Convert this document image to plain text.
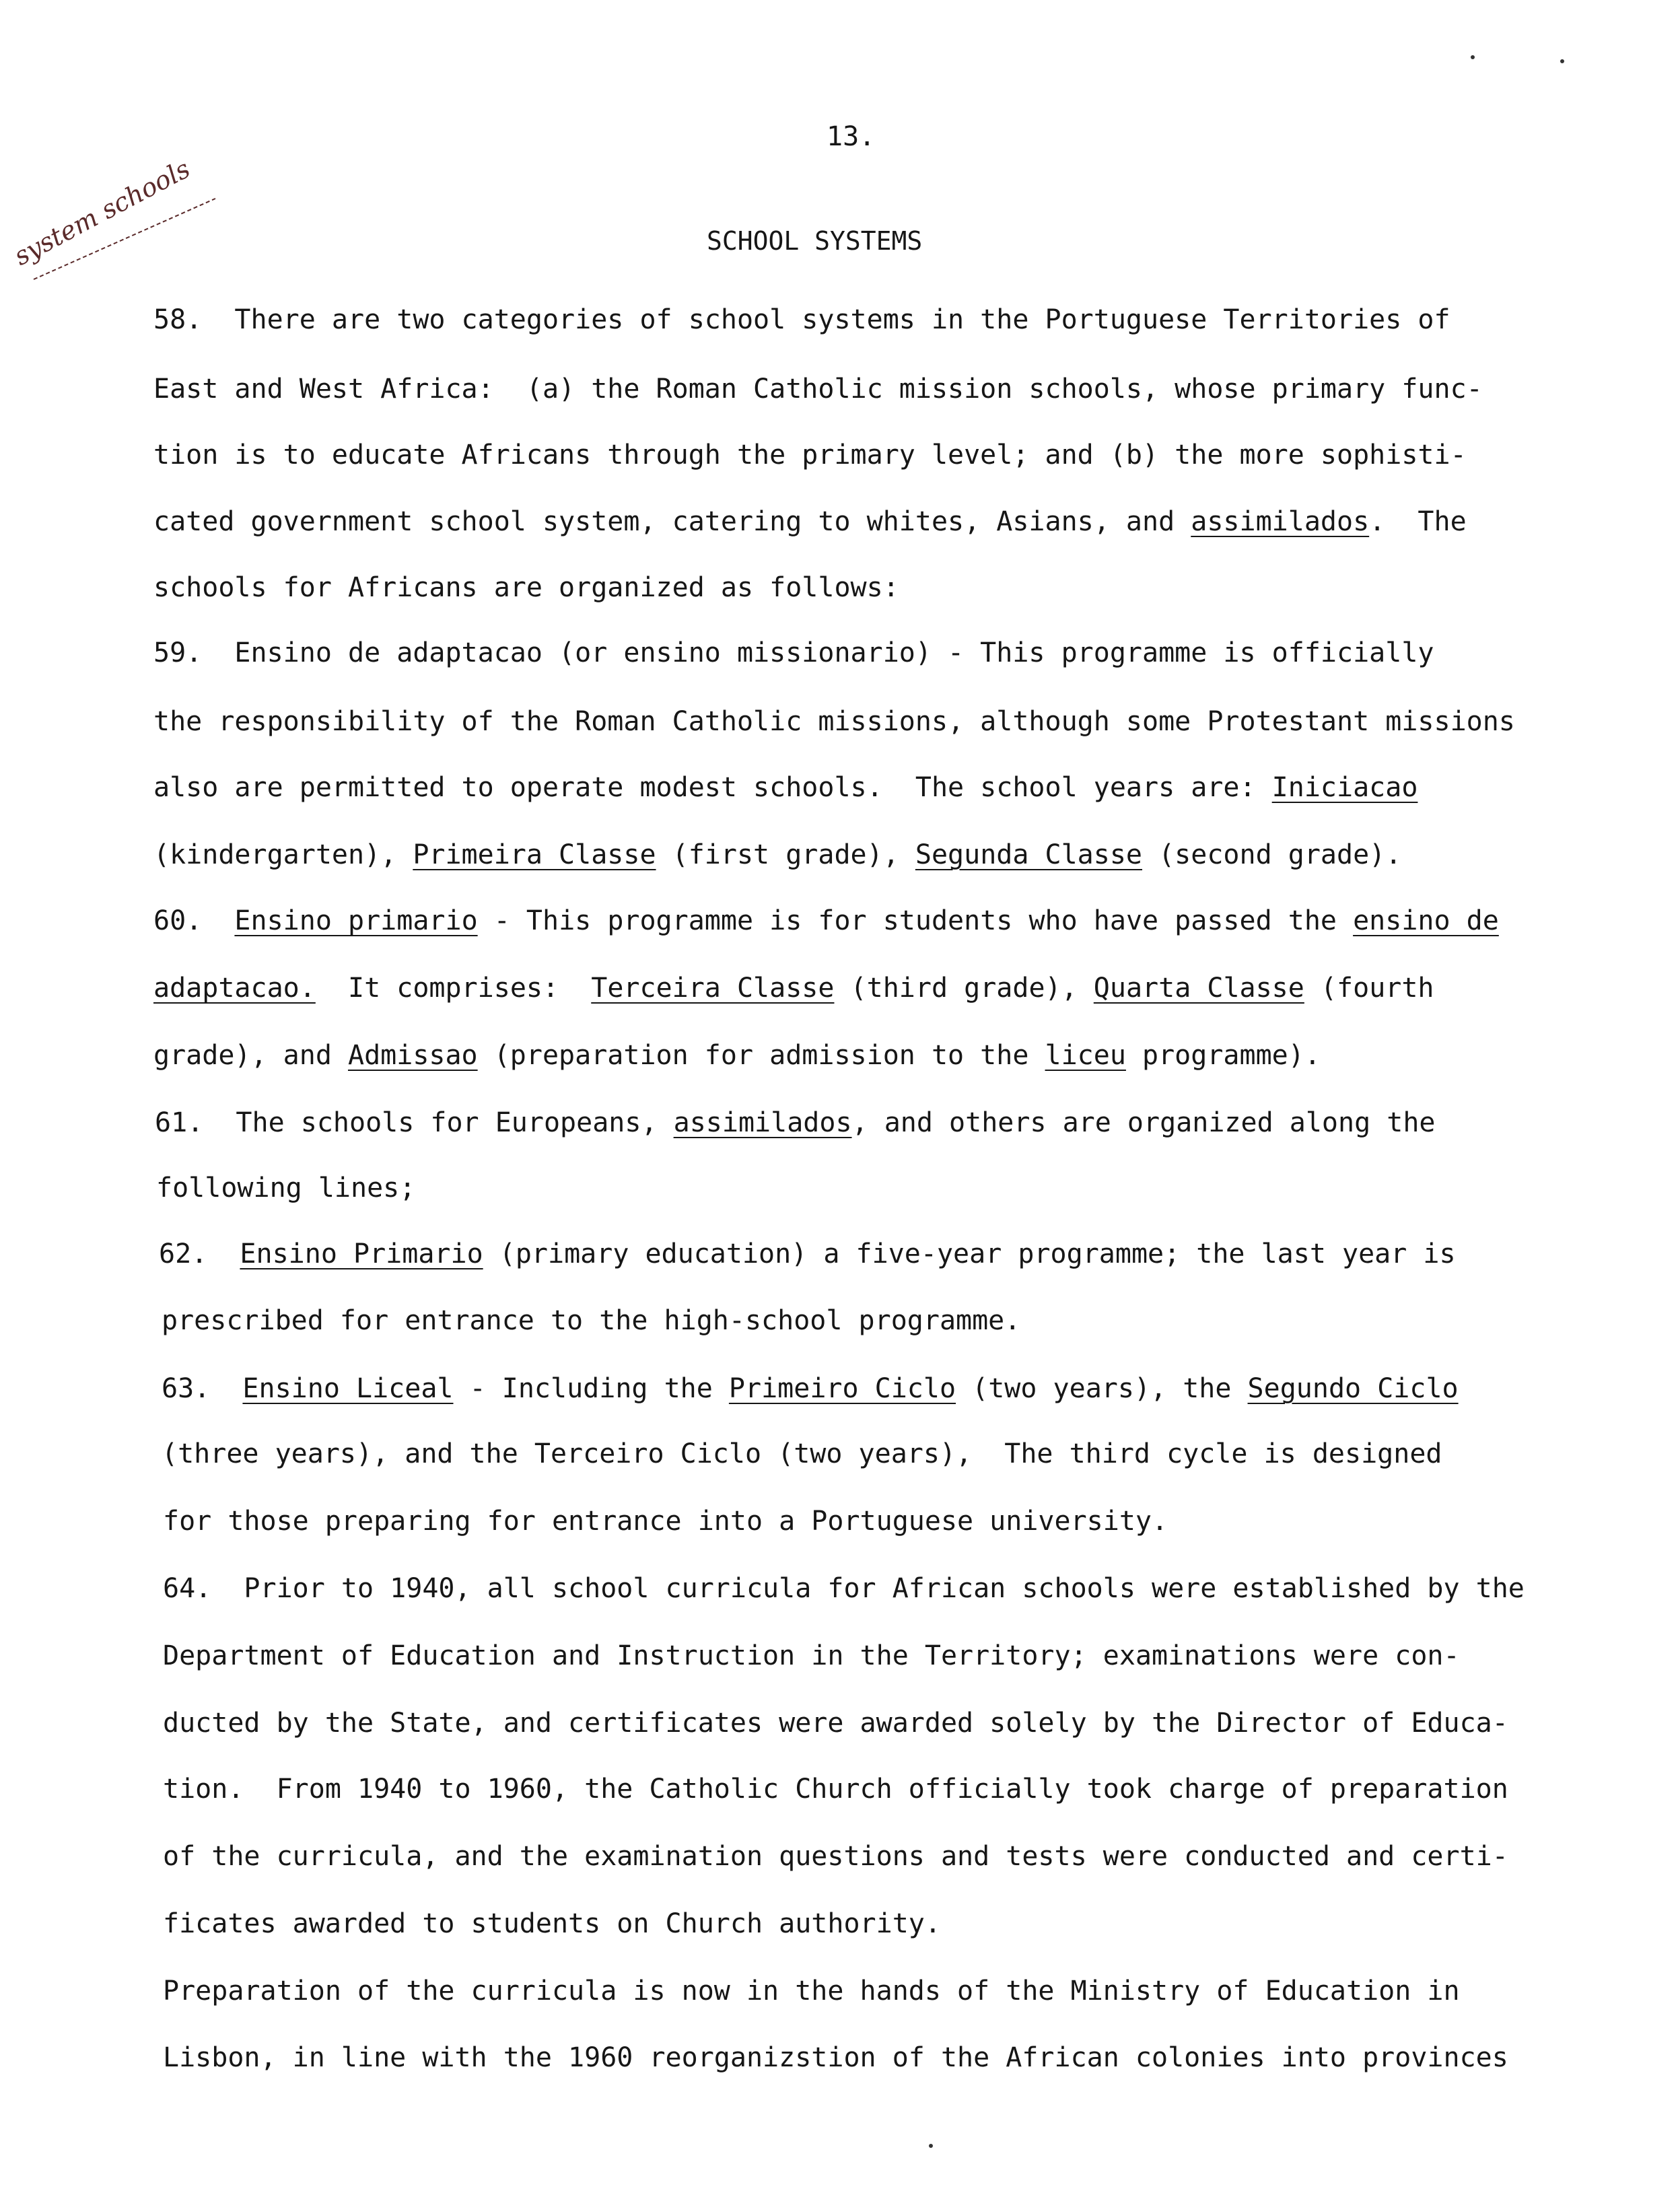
13.
system schools	SCHOOL SYSTEMS
58.  There are two categories of school systems in the Portuguese Territories of
East and West Africa:  (a) the Roman Catholic mission schools, whose primary func-
tion is to educate Africans through the primary level; and (b) the more sophisti-
cated government school system, catering to whites, Asians, and assimilados.  The
schools for Africans are organized as follows:
59.  Ensino de adaptacao (or ensino missionario) - This programme is officially
the responsibility of the Roman Catholic missions, although some Protestant missions
also are permitted to operate modest schools.  The school years are: Iniciacao
(kindergarten), Primeira Classe (first grade), Segunda Classe (second grade).
60.  Ensino primario - This programme is for students who have passed the ensino de
adaptacao.  It comprises:  Terceira Classe (third grade), Quarta Classe (fourth
grade), and Admissao (preparation for admission to the liceu programme).
61.  The schools for Europeans, assimilados, and others are organized along the
following lines;
62.  Ensino Primario (primary education) a five-year programme; the last year is
prescribed for entrance to the high-school programme.
63.  Ensino Liceal - Including the Primeiro Ciclo (two years), the Segundo Ciclo
(three years), and the Terceiro Ciclo (two years),  The third cycle is designed
for those preparing for entrance into a Portuguese university.
64.  Prior to 1940, all school curricula for African schools were established by the
Department of Education and Instruction in the Territory; examinations were con-
ducted by the State, and certificates were awarded solely by the Director of Educa-
tion.  From 1940 to 1960, the Catholic Church officially took charge of preparation
of the curricula, and the examination questions and tests were conducted and certi-
ficates awarded to students on Church authority.
Preparation of the curricula is now in the hands of the Ministry of Education in
Lisbon, in line with the 1960 reorganizstion of the African colonies into provinces
